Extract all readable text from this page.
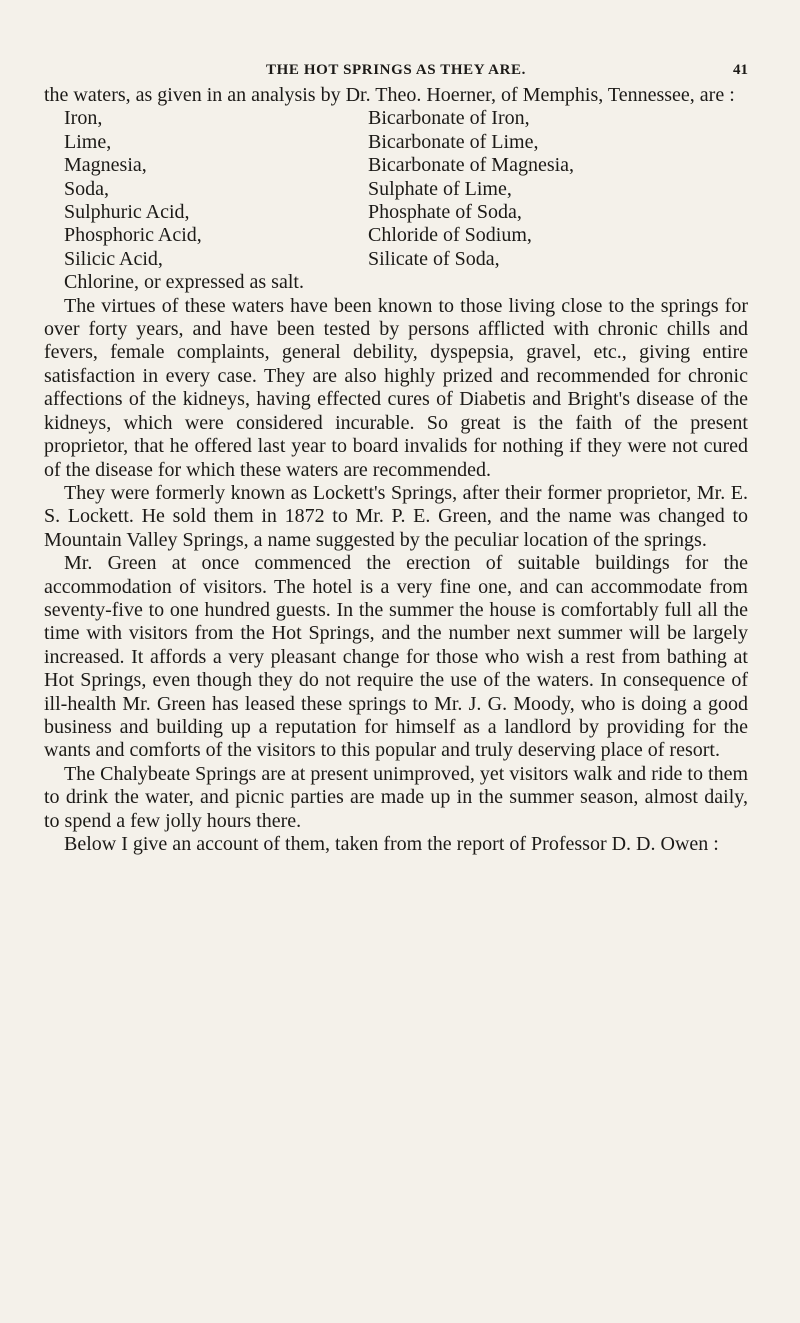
THE HOT SPRINGS AS THEY ARE.	41

the waters, as given in an analysis by Dr. Theo. Hoerner, of Memphis, Tennessee, are :

Iron,
Lime,
Magnesia,
Soda,
Sulphuric Acid,
Phosphoric Acid,
Silicic Acid,
Bicarbonate of Iron,
Bicarbonate of Lime,
Bicarbonate of Magnesia,
Sulphate of Lime,
Phosphate of Soda,
Chloride of Sodium,
Silicate of Soda,
Chlorine, or expressed as salt.

The virtues of these waters have been known to those living close to the springs for over forty years, and have been tested by persons afflicted with chronic chills and fevers, female complaints, general debility, dyspepsia, gravel, etc., giving entire satisfaction in every case. They are also highly prized and recommended for chronic affections of the kidneys, having effected cures of Diabetis and Bright's disease of the kidneys, which were considered incurable. So great is the faith of the present proprietor, that he offered last year to board invalids for nothing if they were not cured of the disease for which these waters are recommended.

They were formerly known as Lockett's Springs, after their former proprietor, Mr. E. S. Lockett. He sold them in 1872 to Mr. P. E. Green, and the name was changed to Mountain Valley Springs, a name suggested by the peculiar location of the springs.

Mr. Green at once commenced the erection of suitable buildings for the accommodation of visitors. The hotel is a very fine one, and can accommodate from seventy-five to one hundred guests. In the summer the house is comfortably full all the time with visitors from the Hot Springs, and the number next summer will be largely increased. It affords a very pleasant change for those who wish a rest from bathing at Hot Springs, even though they do not require the use of the waters. In consequence of ill-health Mr. Green has leased these springs to Mr. J. G. Moody, who is doing a good business and building up a reputation for himself as a landlord by providing for the wants and comforts of the visitors to this popular and truly deserving place of resort.

The Chalybeate Springs are at present unimproved, yet visitors walk and ride to them to drink the water, and picnic parties are made up in the summer season, almost daily, to spend a few jolly hours there.

Below I give an account of them, taken from the report of Professor D. D. Owen :
